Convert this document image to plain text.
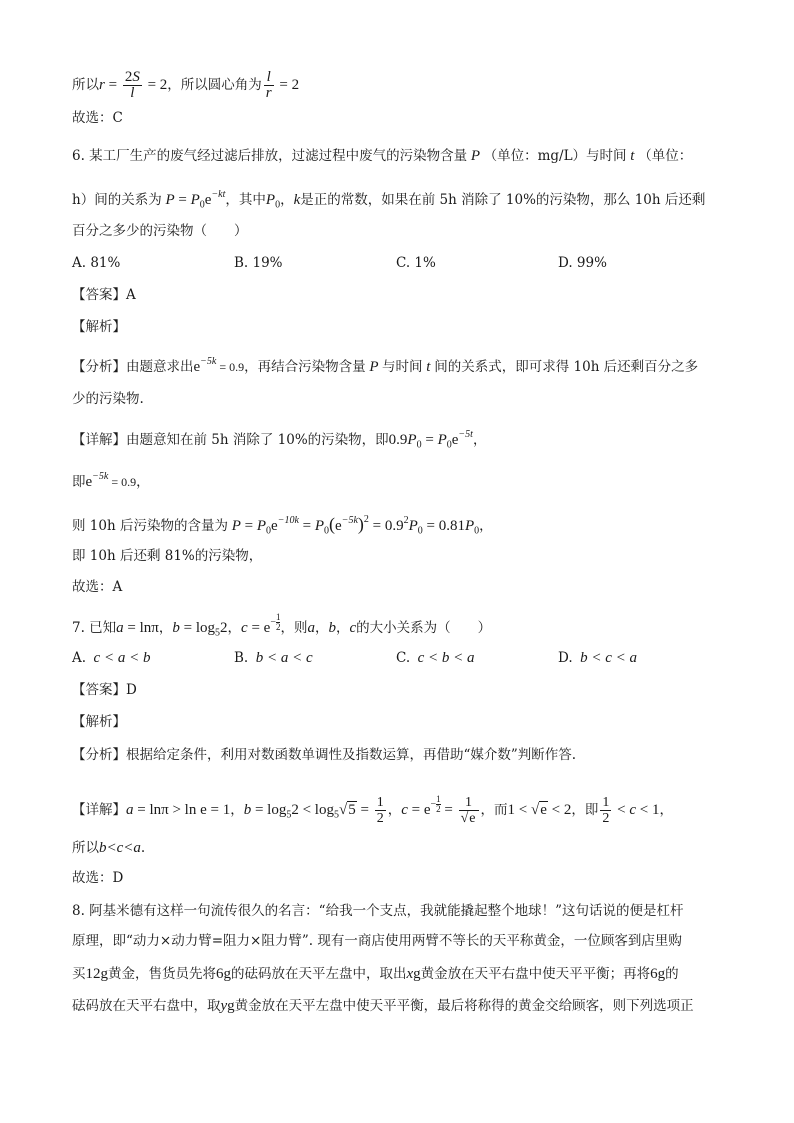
所以$r = \frac{2S}{l} = 2$，所以圆心角为 $\frac{l}{r} = 2$
故选：C
6. 某工厂生产的废气经过滤后排放，过滤过程中废气的污染物含量 P （单位：mg/L）与时间 t （单位：
h）间的关系为 $P = P_0e^{-kt}$，其中$P_0$，k是正的常数，如果在前 5h 消除了 10%的污染物，那么 10h 后还剩
百分之多少的污染物（　　）
A. 81%	B. 19%	C. 1%	D. 99%
【答案】A
【解析】
【分析】由题意求出$e^{-5k} = 0.9$，再结合污染物含量 P 与时间 t 间的关系式，即可求得 10h 后还剩百分之多
少的污染物.
【详解】由题意知在前 5h 消除了 10%的污染物，即$0.9P_0 = P_0e^{-5t}$，
即$e^{-5k} = 0.9$，
则 10h 后污染物的含量为 $P = P_0e^{-10k} = P_0(e^{-5k})^2 = 0.9^2P_0 = 0.81P_0$，
即 10h 后还剩 81%的污染物，
故选：A
7. 已知a = lnπ，$b = \log_52$，$c = e^{- \frac{1}{2}}$ ，则a，b，c的大小关系为（　　）
A.  c < a < b	B.  b < a < c	C.  c < b < a	D.  b < c < a
【答案】D
【解析】
【分析】根据给定条件，利用对数函数单调性及指数运算，再借助“媒介数”判断作答.
【详解】a = lnπ > ln e = 1，$b = \log_52 < \log_5√5 = \frac{1}{2}$ ，$c = e^{- \frac{1}{2}} = \frac{1}{√e}$ ，而1 < √e < 2，即 $\frac{1}{2} < c < 1$，
所以b<c<a.
故选：D
8. 阿基米德有这样一句流传很久的名言：“给我一个支点，我就能撬起整个地球！”这句话说的便是杠杆
原理，即“动力×动力臂=阻力×阻力臂”. 现有一商店使用两臂不等长的天平称黄金，一位顾客到店里购
买12g黄金，售货员先将6g的砝码放在天平左盘中，取出xg黄金放在天平右盘中使天平平衡；再将6g的
砝码放在天平右盘中，取yg黄金放在天平左盘中使天平平衡，最后将称得的黄金交给顾客，则下列选项正
